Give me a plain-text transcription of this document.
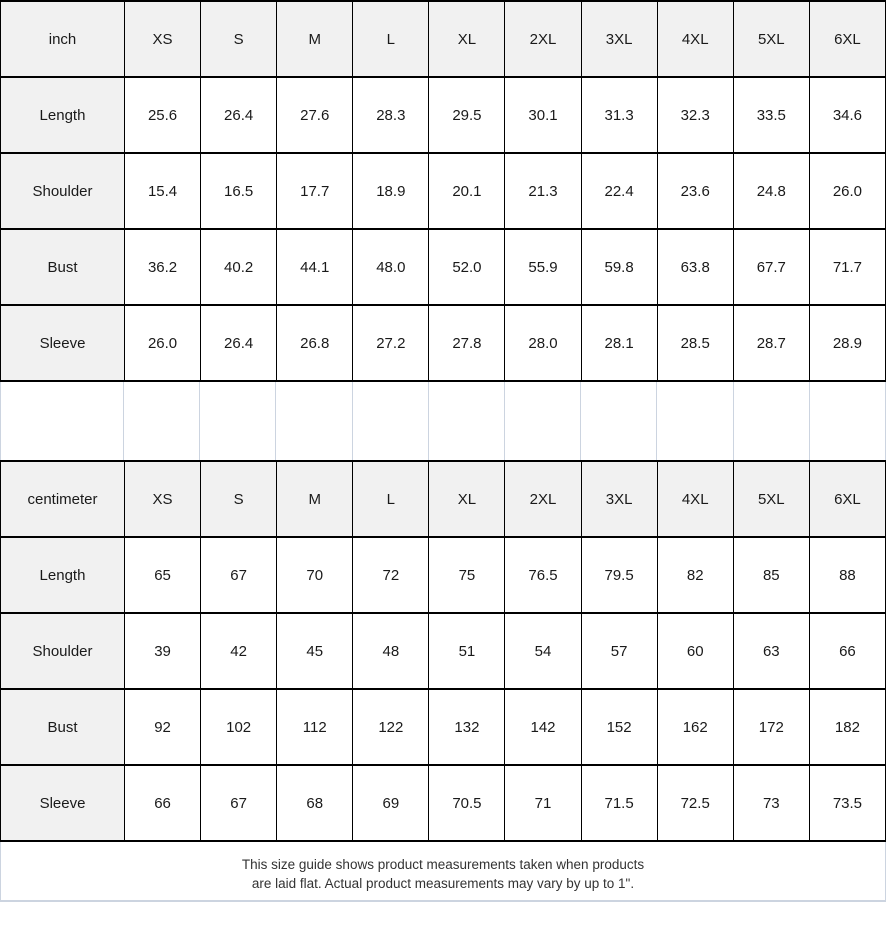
inch	XS	S	M	L	XL	2XL	3XL	4XL	5XL	6XL
Length	25.6	26.4	27.6	28.3	29.5	30.1	31.3	32.3	33.5	34.6
Shoulder	15.4	16.5	17.7	18.9	20.1	21.3	22.4	23.6	24.8	26.0
Bust	36.2	40.2	44.1	48.0	52.0	55.9	59.8	63.8	67.7	71.7
Sleeve	26.0	26.4	26.8	27.2	27.8	28.0	28.1	28.5	28.7	28.9
centimeter	XS	S	M	L	XL	2XL	3XL	4XL	5XL	6XL
Length	65	67	70	72	75	76.5	79.5	82	85	88
Shoulder	39	42	45	48	51	54	57	60	63	66
Bust	92	102	112	122	132	142	152	162	172	182
Sleeve	66	67	68	69	70.5	71	71.5	72.5	73	73.5
This size guide shows product measurements taken when products
are laid flat. Actual product measurements may vary by up to 1".
